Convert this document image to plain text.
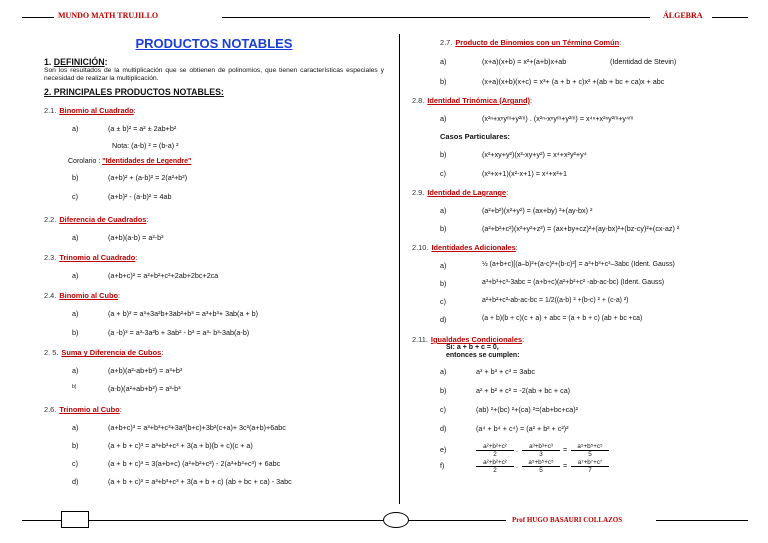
MUNDO MATH TRUJILLO	ÁLGEBRA
PRODUCTOS NOTABLES

1. DEFINICIÓN:

Son los resultados de la multiplicación que se obtienen de polinomios, que tienen características especiales y necesidad de realizar la multiplicación.

2. PRINCIPALES PRODUCTOS NOTABLES:

2.1. Binomio al Cuadrado:

a)	(a ± b)² = a² ± 2ab+b²
Nota: (a-b) ² = (b-a) ²
Corolario : "Identidades de Legendre"
b)	(a+b)² + (a-b)² = 2(a²+b²)
c)	(a+b)² - (a-b)² = 4ab

2.2. Diferencia de Cuadrados:

a)	(a+b)(a-b) = a²-b²

2.3. Trinomio al Cuadrado:

a)	(a+b+c)² = a²+b²+c²+2ab+2bc+2ca

2.4. Binomio al Cubo:

a)	(a + b)³ = a³+3a²b+3ab²+b³ = a³+b³+ 3ab(a + b)
b)	(a -b)³ = a³-3a²b + 3ab² - b³ = a³- b³-3ab(a-b)

2. 5. Suma y Diferencia de Cubos:

a)	(a+b)(a²-ab+b²) = a³+b³
b)	(a-b)(a²+ab+b²) = a³-b³

2.6. Trinomio al Cubo:

a)	(a+b+c)³ = a³+b³+c³+3a²(b+c)+3b²(c+a)+ 3c²(a+b)+6abc
b)	(a + b + c)³ = a³+b³+c³ + 3(a + b)(b + c)(c + a)
c)	(a + b + c)³ = 3(a+b+c) (a²+b²+c²) - 2(a³+b³+c³) + 6abc
d)	(a + b + c)³ = a³+b³+c³ + 3(a + b + c) (ab + bc + ca) - 3abc

2.7. Producto de Binomios con un Término Común:

a)	(x+a)(x+b) = x²+(a+b)x+ab	(Identidad de Stevin)
b)	(x+a)(x+b)(x+c) = x³+ (a + b + c)x² +(ab + bc + ca)x + abc

2.8. Identidad Trinómica (Argand):

a)	(x²ⁿ+xⁿyᵐ+y²ᵐ) . (x²ⁿ-xⁿyᵐ+y²ᵐ) = x⁴ⁿ+x²ⁿy²ᵐ+y⁴ᵐ

Casos Particulares:

b)	(x²+xy+y²)(x²-xy+y²) = x⁴+x²y²+y⁴
c)	(x²+x+1)(x²-x+1) = x⁴+x²+1

2.9. Identidad de Lagrange:

a)	(a²+b²)(x²+y²) = (ax+by) ²+(ay-bx) ²
b)	(a²+b²+c²)(x²+y²+z²) = (ax+by+cz)²+(ay-bx)²+(bz-cy)²+(cx-az) ²

2.10. Identidades Adicionales:

a)	½ (a+b+c)[(a–b)²+(a-c)²+(b-c)²] = a³+b³+c³–3abc (Ident. Gauss)
b)	a³+b³+c³-3abc = (a+b+c)(a²+b²+c² -ab-ac-bc) (Ident. Gauss)
c)	a²+b²+c²-ab-ac-bc = 1/2((a-b) ² +(b-c) ² + (c-a) ²)
d)	(a + b)(b + c)(c + a) + abc = (a + b + c) (ab + bc +ca)

2.11. Igualdades Condicionales:

Si: a + b + c = 0,

entonces se cumplen:

a)	a³ + b³ + c³ = 3abc
b)	a² + b² + c² = -2(ab + bc + ca)
c)	(ab) ²+(bc) ²+(ca) ²=(ab+bc+ca)²
d)	(a⁴ + b⁴ + c⁴) = (a² + b² + c²)²
e)	$\frac{\text{a²+b²+c²}}{2}$ . $\frac{\text{a³+b³+c³}}{3} = \frac{\text{a⁵+b⁵+c⁵}}{5}$
f)	$\frac{\text{a²+b²+c²}}{2}$ . $\frac{\text{a⁵+b⁵+c⁵}}{5} = \frac{\text{a⁷+b⁷+c⁷}}{7}$
Prof HUGO BASAURI COLLAZOS
